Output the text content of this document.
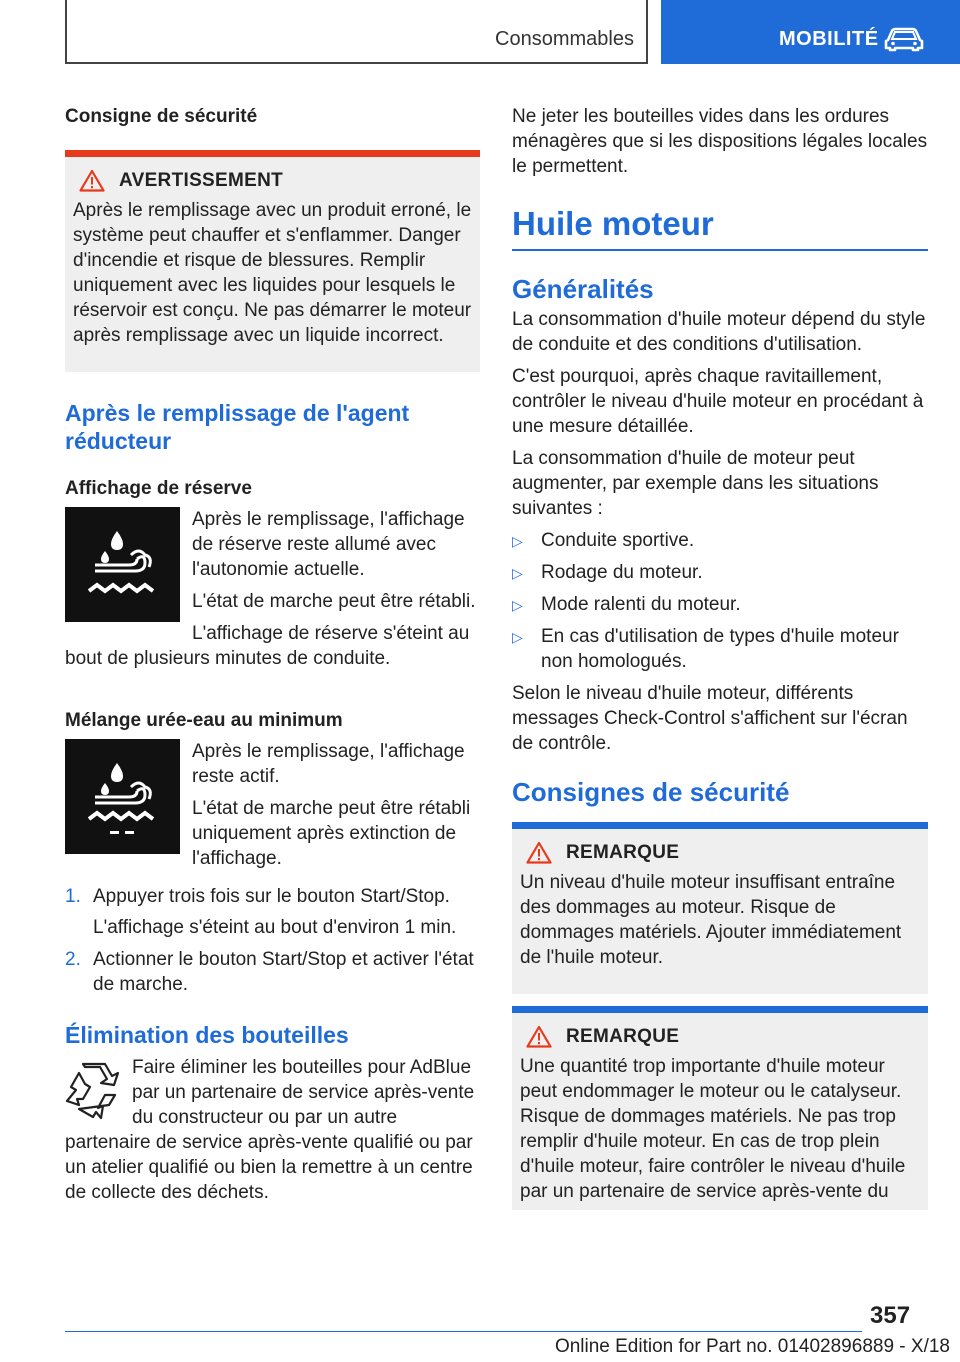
Consommables	MOBILITÉ
Consigne de sécurité
AVERTISSEMENT

Après le remplissage avec un produit erroné, le système peut chauffer et s'enflammer. Danger d'incendie et risque de blessures. Remplir uniquement avec les liquides pour lesquels le réservoir est conçu. Ne pas démarrer le moteur après remplissage avec un liquide incorrect.

Après le remplissage de l'agent réducteur
Affichage de réserve

Après le remplissage, l'affichage de réserve reste allumé avec l'autonomie actuelle.

L'état de marche peut être rétabli.

L'affichage de réserve s'éteint au bout de plusieurs minutes de conduite.

Mélange urée-eau au minimum

Après le remplissage, l'affichage reste actif.

L'état de marche peut être rétabli uniquement après extinction de l'affichage.

1. Appuyer trois fois sur le bouton Start/Stop.

L'affichage s'éteint au bout d'environ 1 min.

2. Actionner le bouton Start/Stop et activer l'état de marche.
Élimination des bouteilles

Faire éliminer les bouteilles pour AdBlue par un partenaire de service après-vente du constructeur ou par un autre partenaire de service après-vente qualifié ou par un atelier qualifié ou bien la remettre à un centre de collecte des déchets.

Ne jeter les bouteilles vides dans les ordures ménagères que si les dispositions légales locales le permettent.

Huile moteur
Généralités

La consommation d'huile moteur dépend du style de conduite et des conditions d'utilisation.

C'est pourquoi, après chaque ravitaillement, contrôler le niveau d'huile moteur en procédant à une mesure détaillée.

La consommation d'huile de moteur peut augmenter, par exemple dans les situations suivantes :

▷ Conduite sportive.
▷ Rodage du moteur.
▷ Mode ralenti du moteur.
▷ En cas d'utilisation de types d'huile moteur non homologués.

Selon le niveau d'huile moteur, différents messages Check-Control s'affichent sur l'écran de contrôle.

Consignes de sécurité
REMARQUE

Un niveau d'huile moteur insuffisant entraîne des dommages au moteur. Risque de dommages matériels. Ajouter immédiatement de l'huile moteur.

REMARQUE

Une quantité trop importante d'huile moteur peut endommager le moteur ou le catalyseur. Risque de dommages matériels. Ne pas trop remplir d'huile moteur. En cas de trop plein d'huile moteur, faire contrôler le niveau d'huile par un partenaire de service après-vente du

357
Online Edition for Part no. 01402896889 - X/18
